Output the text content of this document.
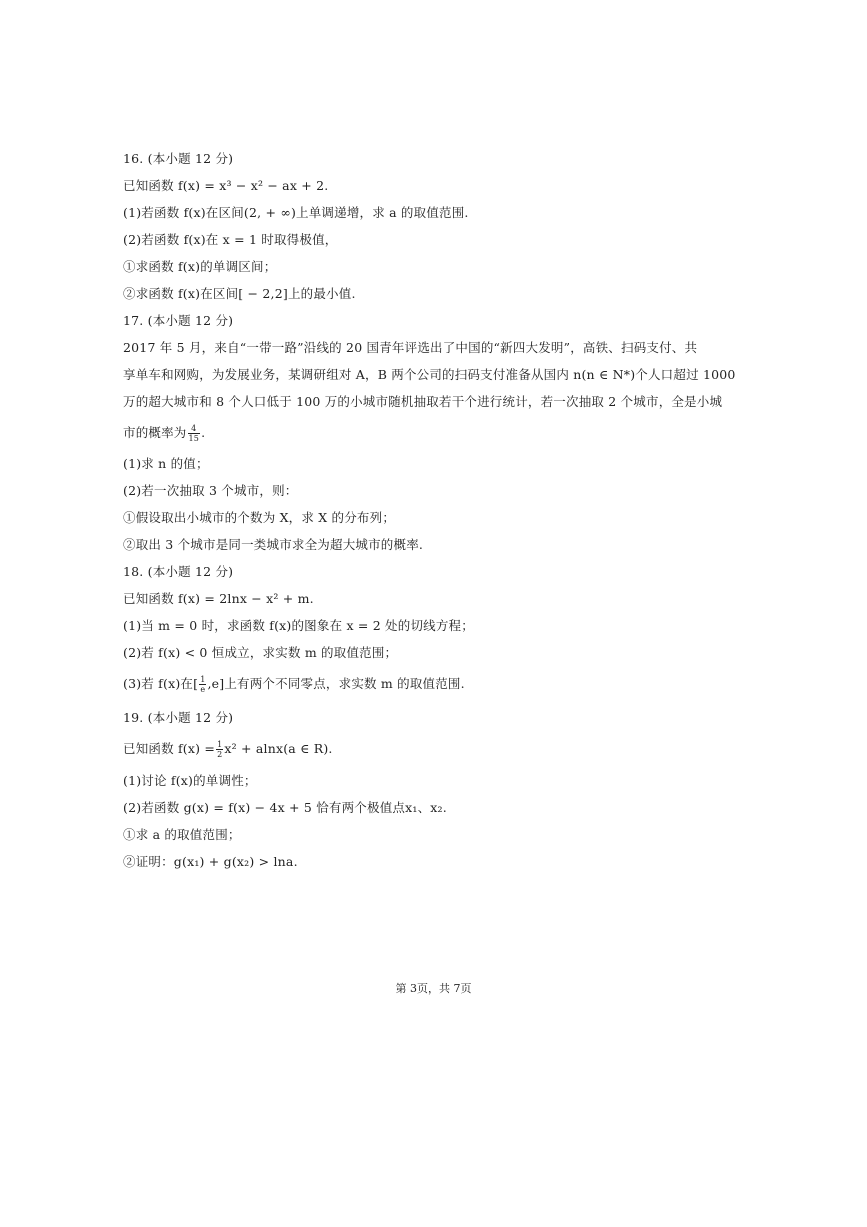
16. (本小题 12 分)
已知函数 f(x) = x³ − x² − ax + 2.
(1)若函数 f(x)在区间(2, + ∞)上单调递增，求 a 的取值范围.
(2)若函数 f(x)在 x = 1 时取得极值，
①求函数 f(x)的单调区间；
②求函数 f(x)在区间[ − 2,2]上的最小值.
17. (本小题 12 分)
2017 年 5 月，来自“一带一路”沿线的 20 国青年评选出了中国的“新四大发明”，高铁、扫码支付、共
享单车和网购，为发展业务，某调研组对 A，B 两个公司的扫码支付准备从国内 n(n ∈ N*)个人口超过 1000
万的超大城市和 8 个人口低于 100 万的小城市随机抽取若干个进行统计，若一次抽取 2 个城市，全是小城
市的概率为 $\frac{4}{15}$ .
(1)求 n 的值；
(2)若一次抽取 3 个城市，则：
①假设取出小城市的个数为 X，求 X 的分布列；
②取出 3 个城市是同一类城市求全为超大城市的概率.
18. (本小题 12 分)
已知函数 f(x) = 2lnx − x² + m.
(1)当 m = 0 时，求函数 f(x)的图象在 x = 2 处的切线方程；
(2)若 f(x) < 0 恒成立，求实数 m 的取值范围；
(3)若 f(x)在[ $\frac{1}{e} ,e$]上有两个不同零点，求实数 m 的取值范围.
19. (本小题 12 分)
已知函数 $f(x) = \frac{1}{2} x^2 + alnx(a$ ∈ R).
(1)讨论 f(x)的单调性；
(2)若函数 g(x) = f(x) − 4x + 5 恰有两个极值点x₁、x₂.
①求 a 的取值范围；
②证明：g(x₁) + g(x₂) > lna.
第 3页，共 7页
